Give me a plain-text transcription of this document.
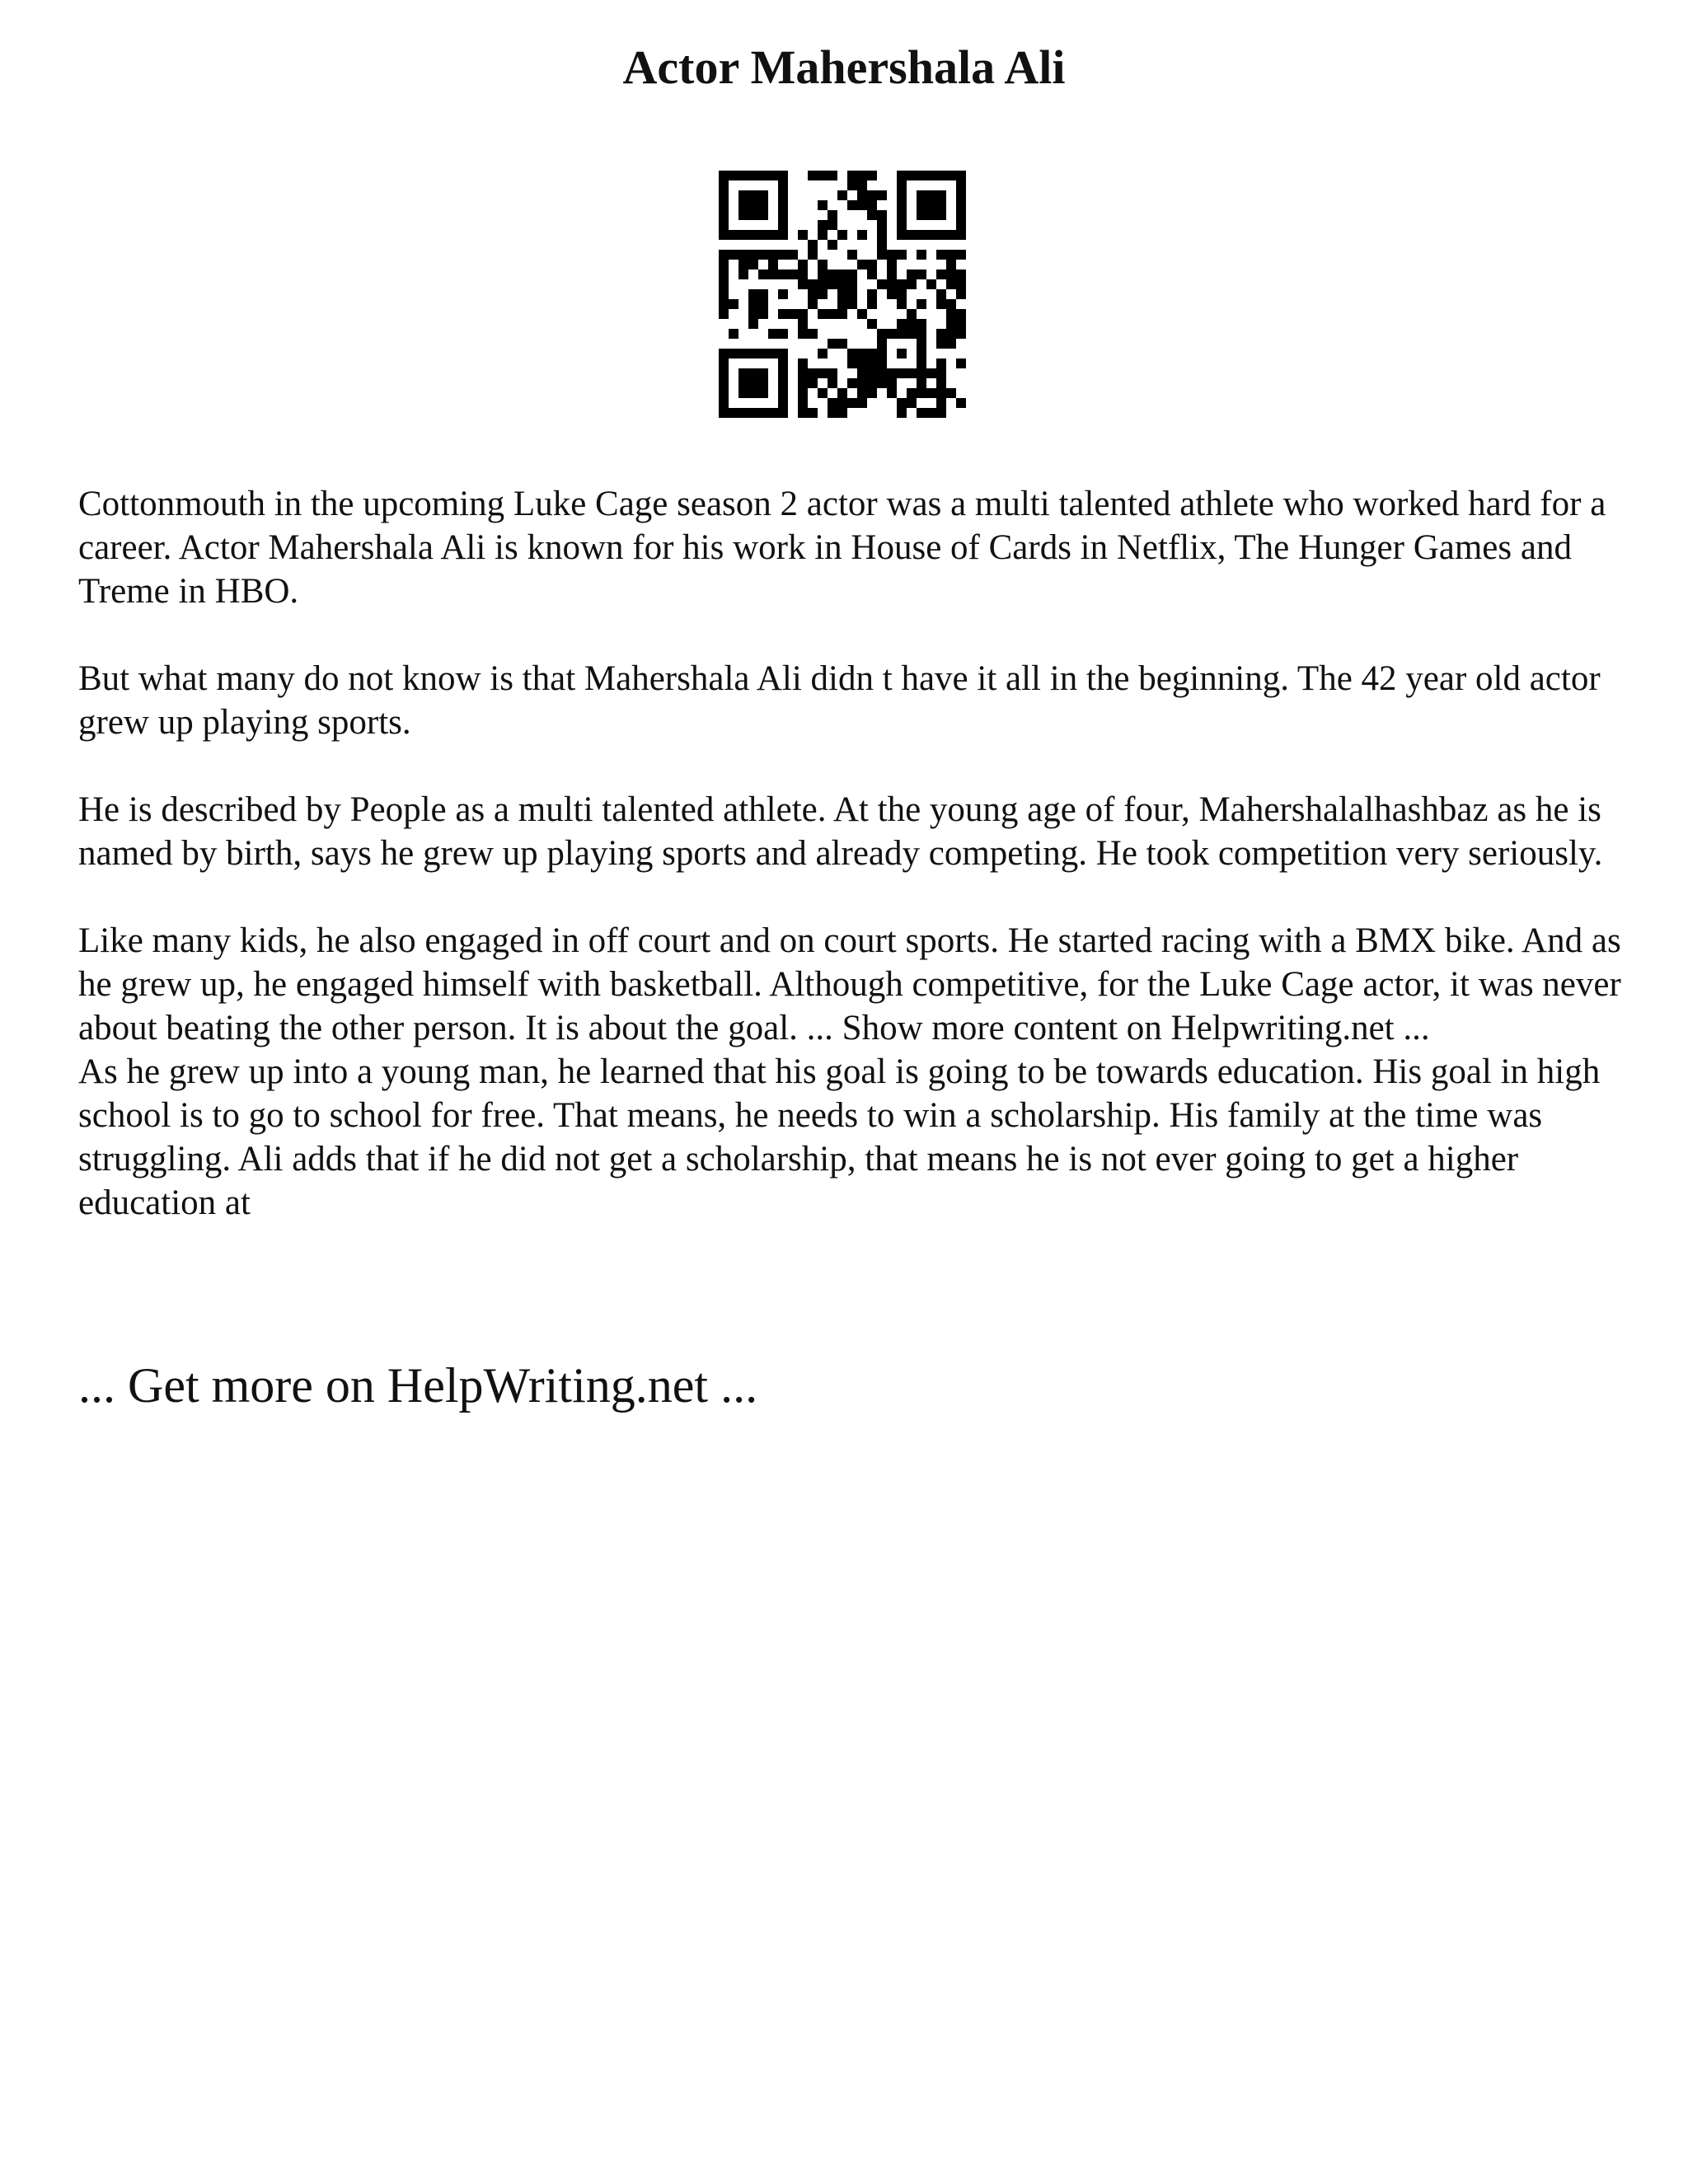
Actor Mahershala Ali

Cottonmouth in the upcoming Luke Cage season 2 actor was a multi talented athlete who worked hard for a career. Actor Mahershala Ali is known for his work in House of Cards in Netflix, The Hunger Games and Treme in HBO.

But what many do not know is that Mahershala Ali didn t have it all in the beginning. The 42 year old actor grew up playing sports.

He is described by People as a multi talented athlete. At the young age of four, Mahershalalhashbaz as he is named by birth, says he grew up playing sports and already competing. He took competition very seriously.

Like many kids, he also engaged in off court and on court sports. He started racing with a BMX bike. And as he grew up, he engaged himself with basketball. Although competitive, for the Luke Cage actor, it was never about beating the other person. It is about the goal. ... Show more content on Helpwriting.net ...

As he grew up into a young man, he learned that his goal is going to be towards education. His goal in high school is to go to school for free. That means, he needs to win a scholarship. His family at the time was struggling. Ali adds that if he did not get a scholarship, that means he is not ever going to get a higher education at

... Get more on HelpWriting.net ...
